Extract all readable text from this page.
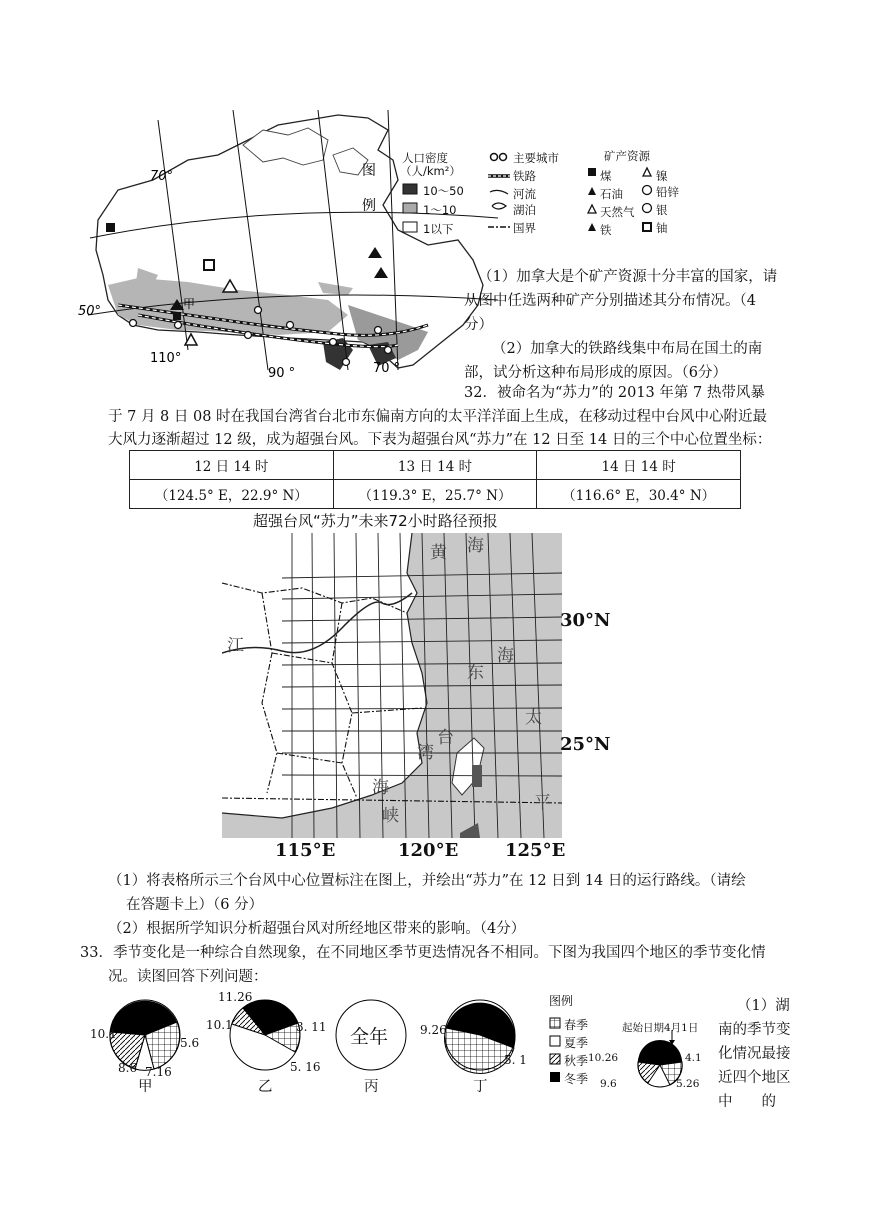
70°
50°
110°
90 °	70 °
甲
图
例
人口密度
（人/km²）
10～50
1～10
1以下
主要城市
铁路
河流
湖泊
国界
矿产资源
煤	镍
石油	铅锌
天然气 银
铁	铀
（1）加拿大是个矿产资源十分丰富的国家，请
从图中任选两种矿产分别描述其分布情况。（4
分）
（2）加拿大的铁路线集中布局在国土的南
部，试分析这种布局形成的原因。（6分）
32．被命名为“苏力”的 2013 年第 7 热带风暴
于 7 月 8 日 08 时在我国台湾省台北市东偏南方向的太平洋洋面上生成，在移动过程中台风中心附近最
大风力逐渐超过 12 级，成为超强台风。下表为超强台风“苏力”在 12 日至 14 日的三个中心位置坐标：
12 日 14 时	13 日 14 时	14 日 14 时
（124.5° E，22.9° N）	（119.3° E，25.7° N）	（116.6° E，30.4° N）
超强台风“苏力”未来72小时路径预报
黄 海
东
海
太
平
台
湾
海
峡
江
30°N
25°N
115°E	120°E	125°E
（1）将表格所示三个台风中心位置标注在图上，并绘出“苏力”在 12 日到 14 日的运行路线。（请绘
在答题卡上）（6 分）
（2）根据所学知识分析超强台风对所经地区带来的影响。（4分）
33．季节变化是一种综合自然现象，在不同地区季节更迭情况各不相同。下图为我国四个地区的季节变化情
况。读图回答下列问题：
10.1
5.6
8.6 7.16
甲
11.26
10.1	3. 11
5. 16
乙
全年
丙
9.26
5. 1
丁
图例
春季
夏季
秋季
冬季
起始日期4月1日
10.26	4.1
9.6	5.26
（1）湖
南的季节变
化情况最接
近四个地区
中　　的
